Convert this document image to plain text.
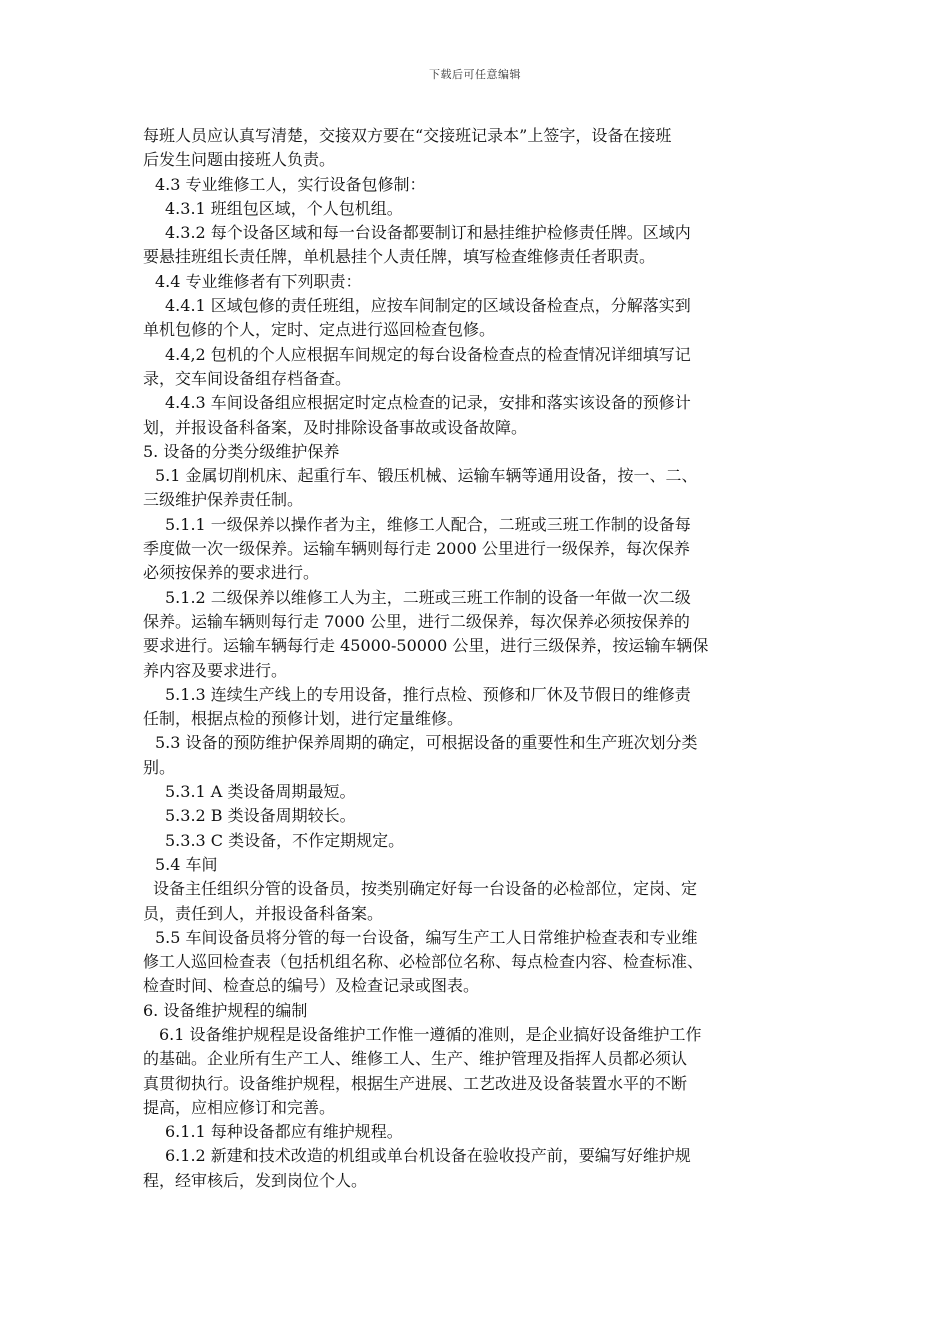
下载后可任意编辑
每班人员应认真写清楚，交接双方要在“交接班记录本”上签字，设备在接班
后发生问题由接班人负责。
4.3 专业维修工人，实行设备包修制：
4.3.1 班组包区域，个人包机组。
4.3.2 每个设备区域和每一台设备都要制订和悬挂维护检修责任牌。区域内
要悬挂班组长责任牌，单机悬挂个人责任牌，填写检查维修责任者职责。
4.4 专业维修者有下列职责：
4.4.1 区域包修的责任班组，应按车间制定的区域设备检查点，分解落实到
单机包修的个人，定时、定点进行巡回检查包修。
4.4,2 包机的个人应根据车间规定的每台设备检查点的检查情况详细填写记
录，交车间设备组存档备查。
4.4.3 车间设备组应根据定时定点检查的记录，安排和落实该设备的预修计
划，并报设备科备案，及时排除设备事故或设备故障。
5. 设备的分类分级维护保养
5.1 金属切削机床、起重行车、锻压机械、运输车辆等通用设备，按一、二、
三级维护保养责任制。
5.1.1 一级保养以操作者为主，维修工人配合，二班或三班工作制的设备每
季度做一次一级保养。运输车辆则每行走 2000 公里进行一级保养，每次保养
必须按保养的要求进行。
5.1.2 二级保养以维修工人为主，二班或三班工作制的设备一年做一次二级
保养。运输车辆则每行走 7000 公里，进行二级保养，每次保养必须按保养的
要求进行。运输车辆每行走 45000-50000 公里，进行三级保养，按运输车辆保
养内容及要求进行。
5.1.3 连续生产线上的专用设备，推行点检、预修和厂休及节假日的维修责
任制，根据点检的预修计划，进行定量维修。
5.3 设备的预防维护保养周期的确定，可根据设备的重要性和生产班次划分类
别。
5.3.1 A 类设备周期最短。
5.3.2 B 类设备周期较长。
5.3.3 C 类设备，不作定期规定。
5.4 车间
设备主任组织分管的设备员，按类别确定好每一台设备的必检部位，定岗、定
员，责任到人，并报设备科备案。
5.5 车间设备员将分管的每一台设备，编写生产工人日常维护检查表和专业维
修工人巡回检查表（包括机组名称、必检部位名称、每点检查内容、检查标准、
检查时间、检查总的编号）及检查记录或图表。
6. 设备维护规程的编制
6.1 设备维护规程是设备维护工作惟一遵循的准则，是企业搞好设备维护工作
的基础。企业所有生产工人、维修工人、生产、维护管理及指挥人员都必须认
真贯彻执行。设备维护规程，根据生产进展、工艺改进及设备装置水平的不断
提高，应相应修订和完善。
6.1.1 每种设备都应有维护规程。
6.1.2 新建和技术改造的机组或单台机设备在验收投产前，要编写好维护规
程，经审核后，发到岗位个人。
